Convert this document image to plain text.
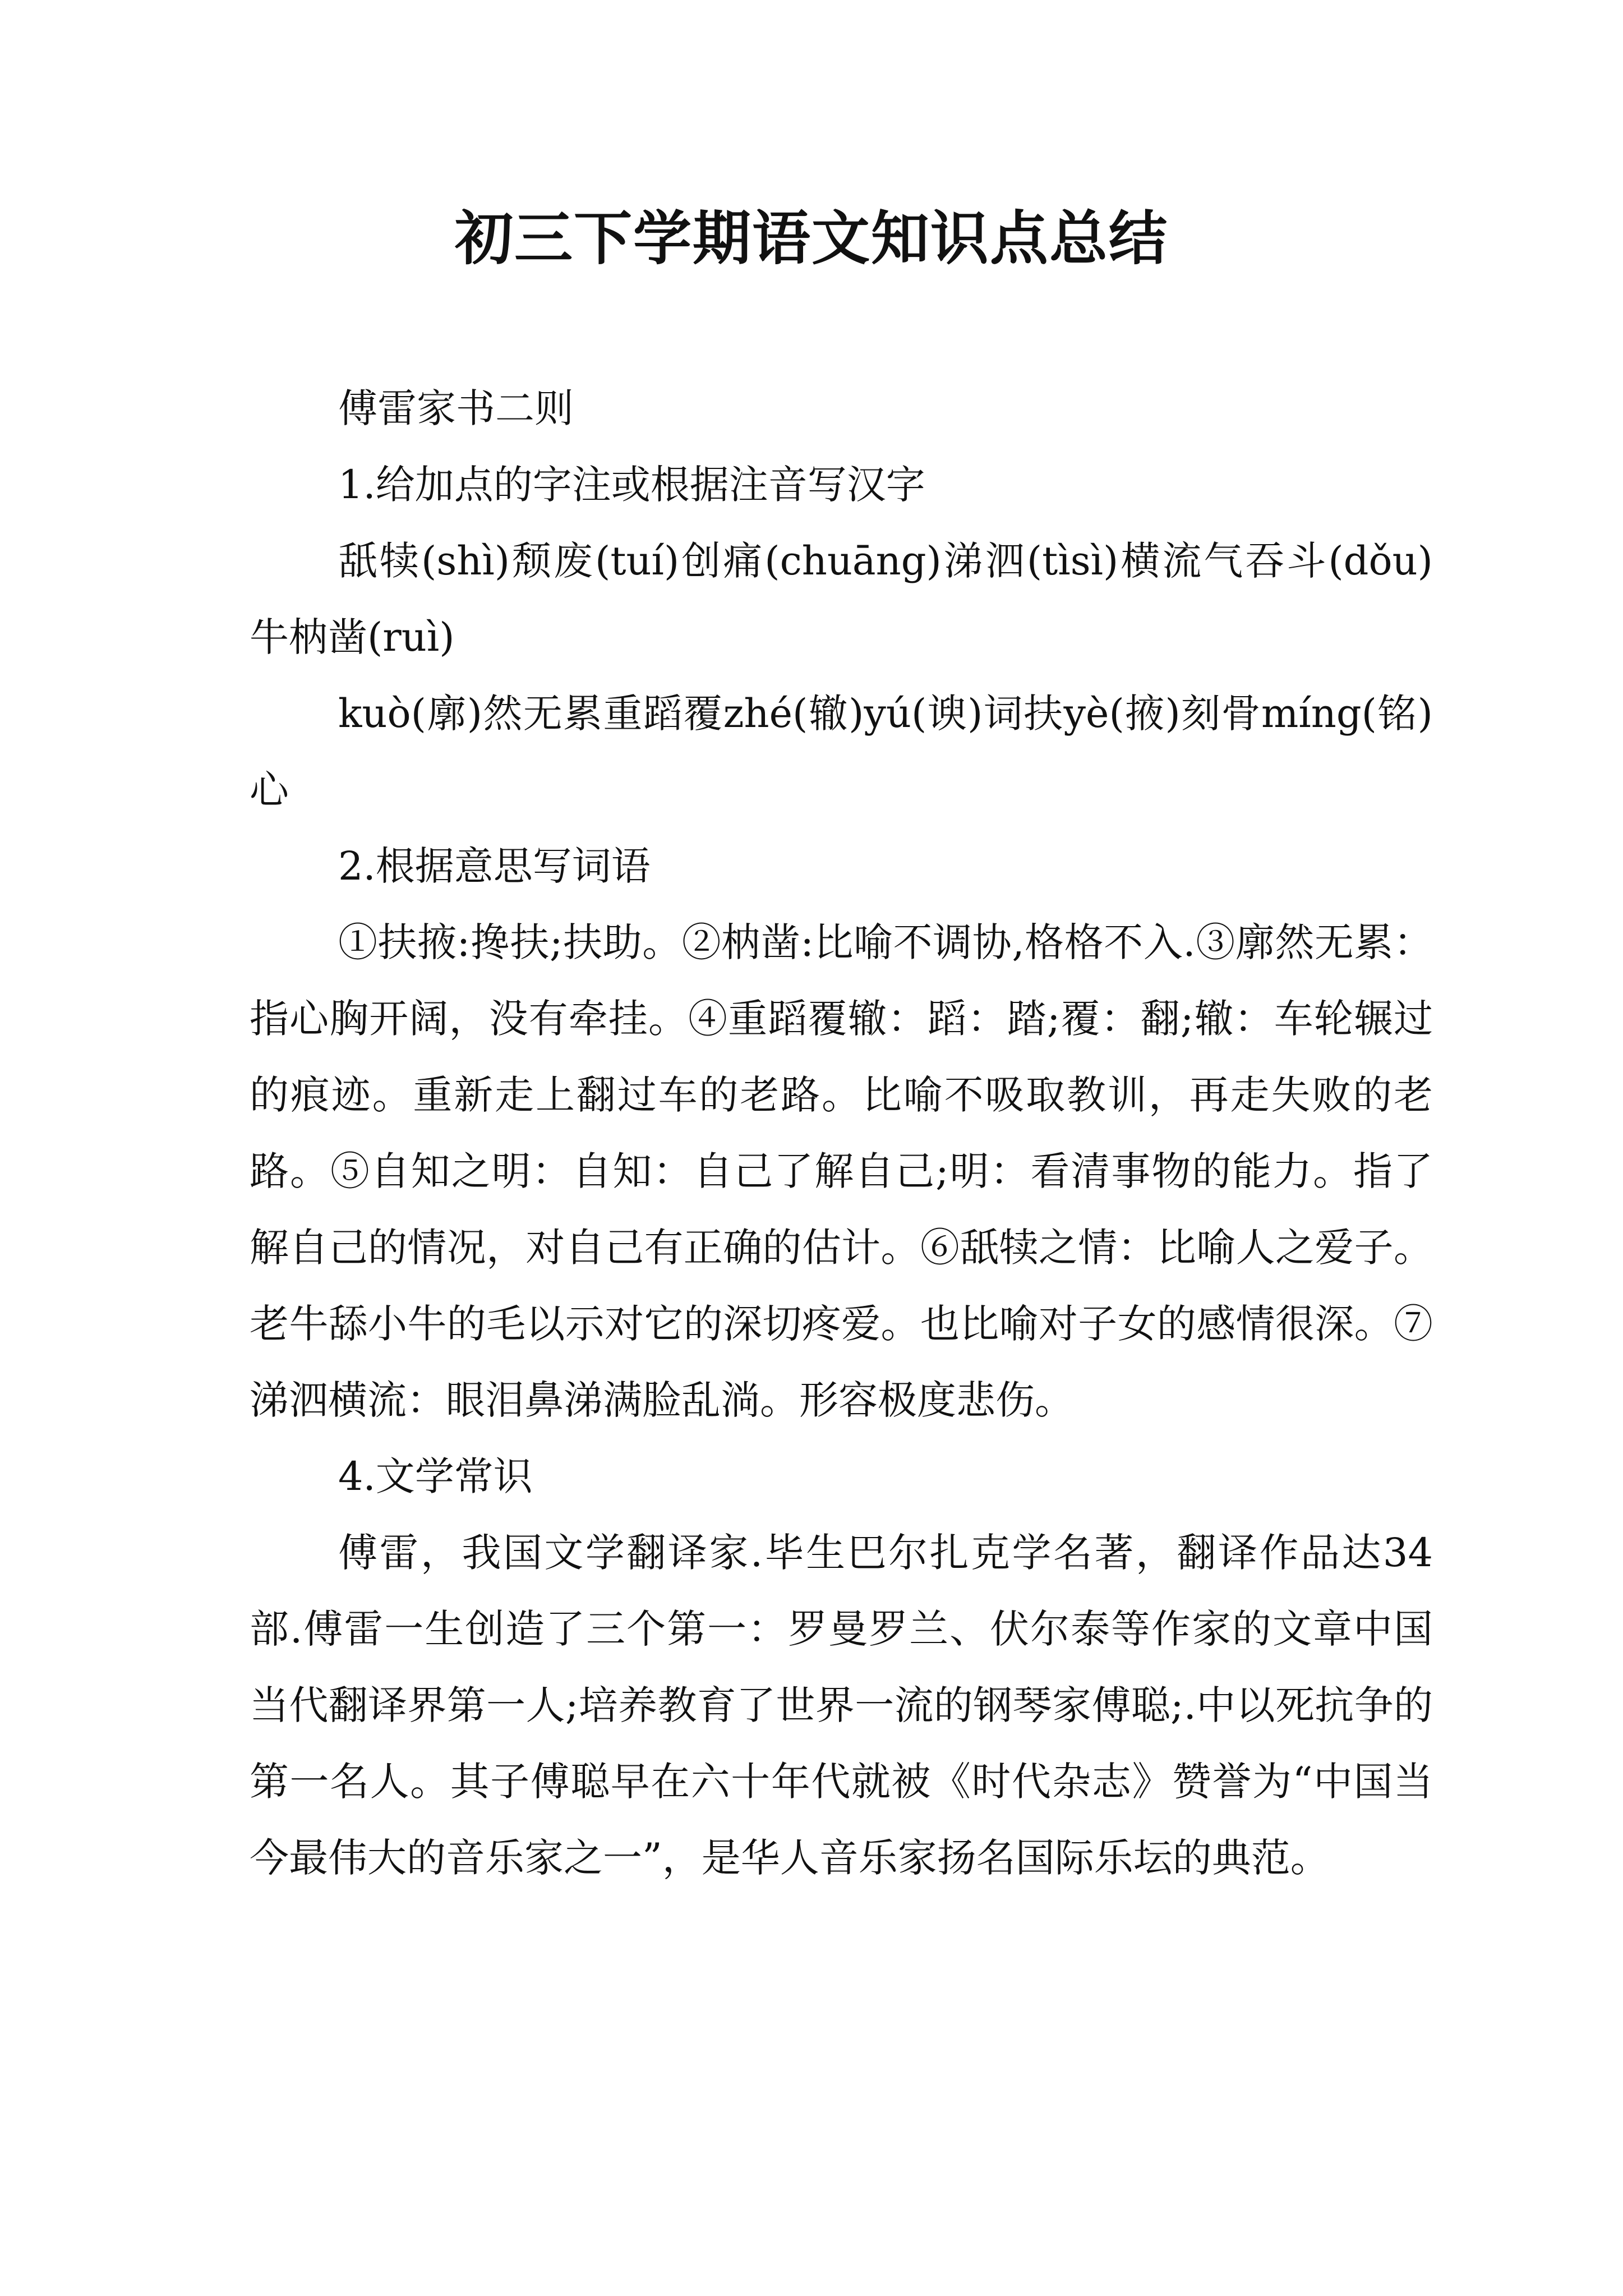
初三下学期语文知识点总结

傅雷家书二则

1.给加点的字注或根据注音写汉字

舐犊(shì)颓废(tuí)创痛(chuāng)涕泗(tìsì)横流气吞斗(dǒu)牛枘凿(ruì)

kuò(廓)然无累重蹈覆zhé(辙)yú(谀)词扶yè(掖)刻骨míng(铭)心

2.根据意思写词语

①扶掖:搀扶;扶助。②枘凿:比喻不调协,格格不入.③廓然无累：指心胸开阔，没有牵挂。④重蹈覆辙：蹈：踏;覆：翻;辙：车轮辗过的痕迹。重新走上翻过车的老路。比喻不吸取教训，再走失败的老路。⑤自知之明：自知：自己了解自己;明：看清事物的能力。指了解自己的情况，对自己有正确的估计。⑥舐犊之情：比喻人之爱子。老牛舔小牛的毛以示对它的深切疼爱。也比喻对子女的感情很深。⑦涕泗横流：眼泪鼻涕满脸乱淌。形容极度悲伤。

4.文学常识

傅雷，我国文学翻译家.毕生巴尔扎克学名著，翻译作品达34部.傅雷一生创造了三个第一：罗曼罗兰、伏尔泰等作家的文章中国当代翻译界第一人;培养教育了世界一流的钢琴家傅聪;.中以死抗争的第一名人。其子傅聪早在六十年代就被《时代杂志》赞誉为“中国当今最伟大的音乐家之一”，是华人音乐家扬名国际乐坛的典范。
